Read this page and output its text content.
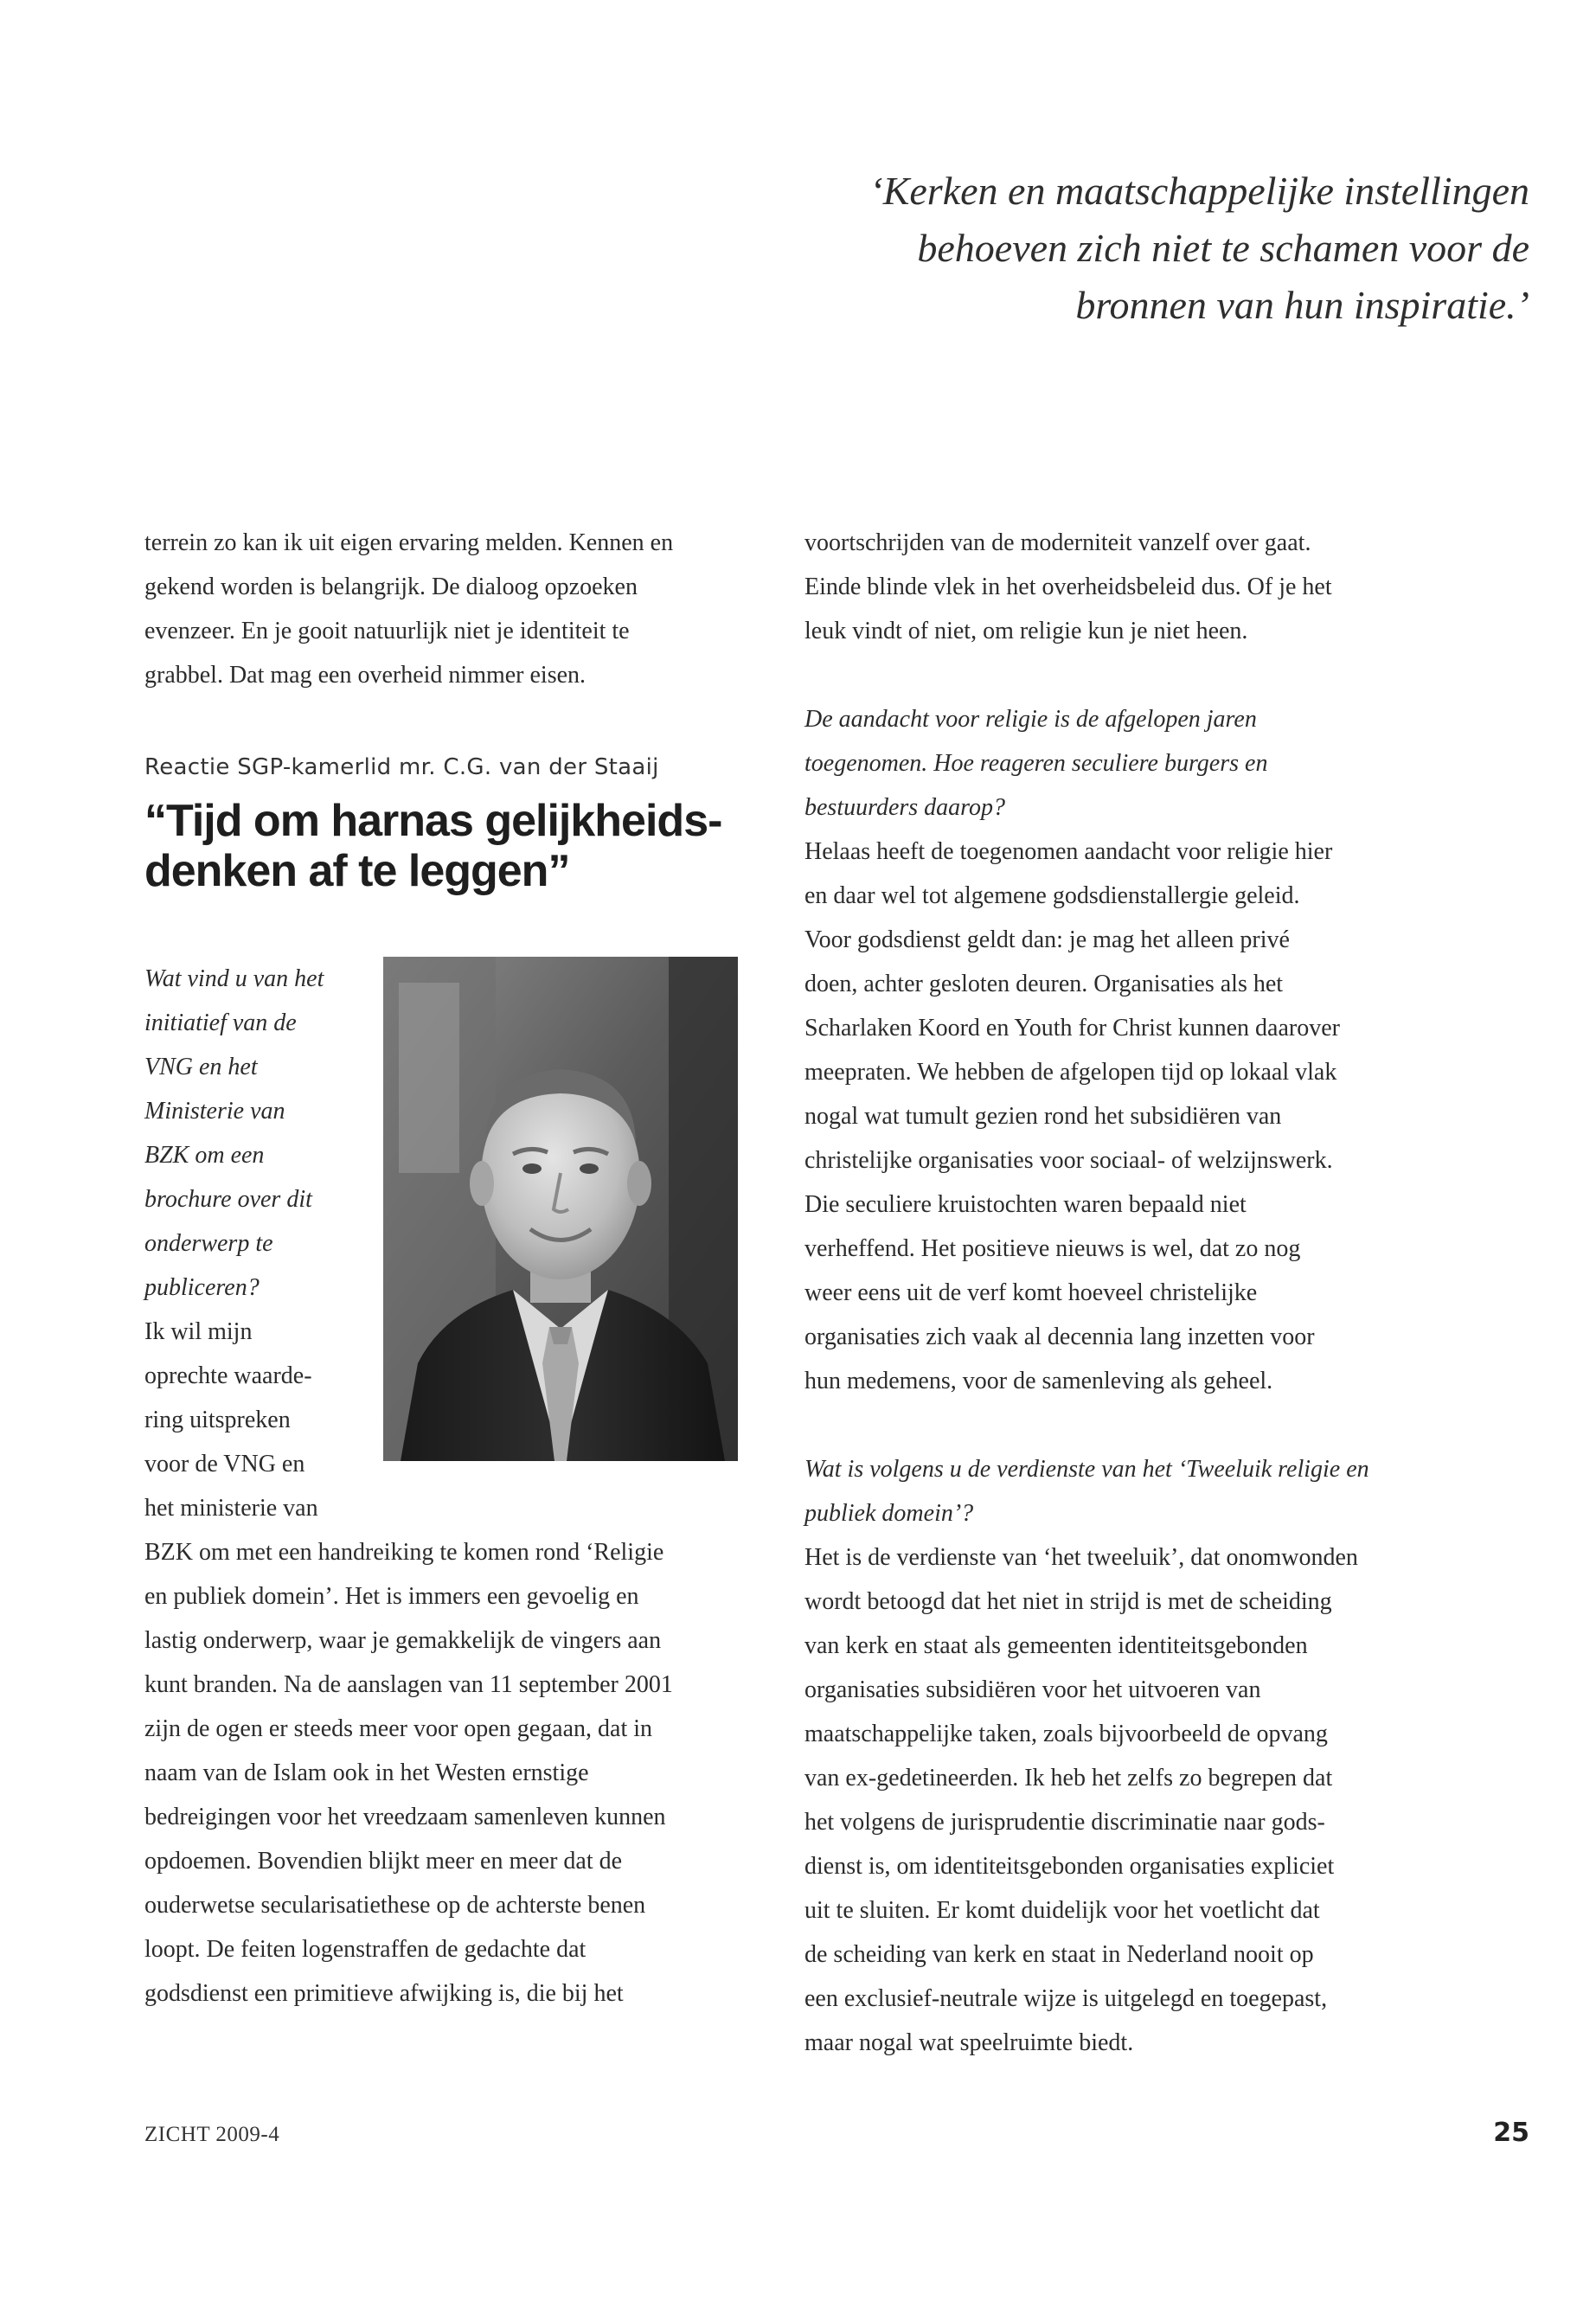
‘Kerken en maatschappelijke instellingen
behoeven zich niet te schamen voor de
bronnen van hun inspiratie.’
terrein zo kan ik uit eigen ervaring melden. Kennen en
gekend worden is belangrijk. De dialoog opzoeken
evenzeer. En je gooit natuurlijk niet je identiteit te
grabbel. Dat mag een overheid nimmer eisen.
Reactie SGP-kamerlid mr. C.G. van der Staaij
“Tijd om harnas gelijkheids-
denken af te leggen”
Wat vind u van het
initiatief van de
VNG en het
Ministerie van
BZK om een
brochure over dit
onderwerp te
publiceren?
Ik wil mijn
oprechte waarde-
ring uitspreken
voor de VNG en
het ministerie van
BZK om met een handreiking te komen rond ‘Religie
en publiek domein’. Het is immers een gevoelig en
lastig onderwerp, waar je gemakkelijk de vingers aan
kunt branden. Na de aanslagen van 11 september 2001
zijn de ogen er steeds meer voor open gegaan, dat in
naam van de Islam ook in het Westen ernstige
bedreigingen voor het vreedzaam samenleven kunnen
opdoemen. Bovendien blijkt meer en meer dat de
ouderwetse secularisatiethese op de achterste benen
loopt. De feiten logenstraffen de gedachte dat
godsdienst een primitieve afwijking is, die bij het
voortschrijden van de moderniteit vanzelf over gaat.
Einde blinde vlek in het overheidsbeleid dus. Of je het
leuk vindt of niet, om religie kun je niet heen.
De aandacht voor religie is de afgelopen jaren
toegenomen. Hoe reageren seculiere burgers en
bestuurders daarop?
Helaas heeft de toegenomen aandacht voor religie hier
en daar wel tot algemene godsdienstallergie geleid.
Voor godsdienst geldt dan: je mag het alleen privé
doen, achter gesloten deuren. Organisaties als het
Scharlaken Koord en Youth for Christ kunnen daarover
meepraten. We hebben de afgelopen tijd op lokaal vlak
nogal wat tumult gezien rond het subsidiëren van
christelijke organisaties voor sociaal- of welzijnswerk.
Die seculiere kruistochten waren bepaald niet
verheffend. Het positieve nieuws is wel, dat zo nog
weer eens uit de verf komt hoeveel christelijke
organisaties zich vaak al decennia lang inzetten voor
hun medemens, voor de samenleving als geheel.
Wat is volgens u de verdienste van het ‘Tweeluik religie en
publiek domein’?
Het is de verdienste van ‘het tweeluik’, dat onomwonden
wordt betoogd dat het niet in strijd is met de scheiding
van kerk en staat als gemeenten identiteitsgebonden
organisaties subsidiëren voor het uitvoeren van
maatschappelijke taken, zoals bijvoorbeeld de opvang
van ex-gedetineerden. Ik heb het zelfs zo begrepen dat
het volgens de jurisprudentie discriminatie naar gods-
dienst is, om identiteitsgebonden organisaties expliciet
uit te sluiten. Er komt duidelijk voor het voetlicht dat
de scheiding van kerk en staat in Nederland nooit op
een exclusief-neutrale wijze is uitgelegd en toegepast,
maar nogal wat speelruimte biedt.
ZICHT 2009-4	25
